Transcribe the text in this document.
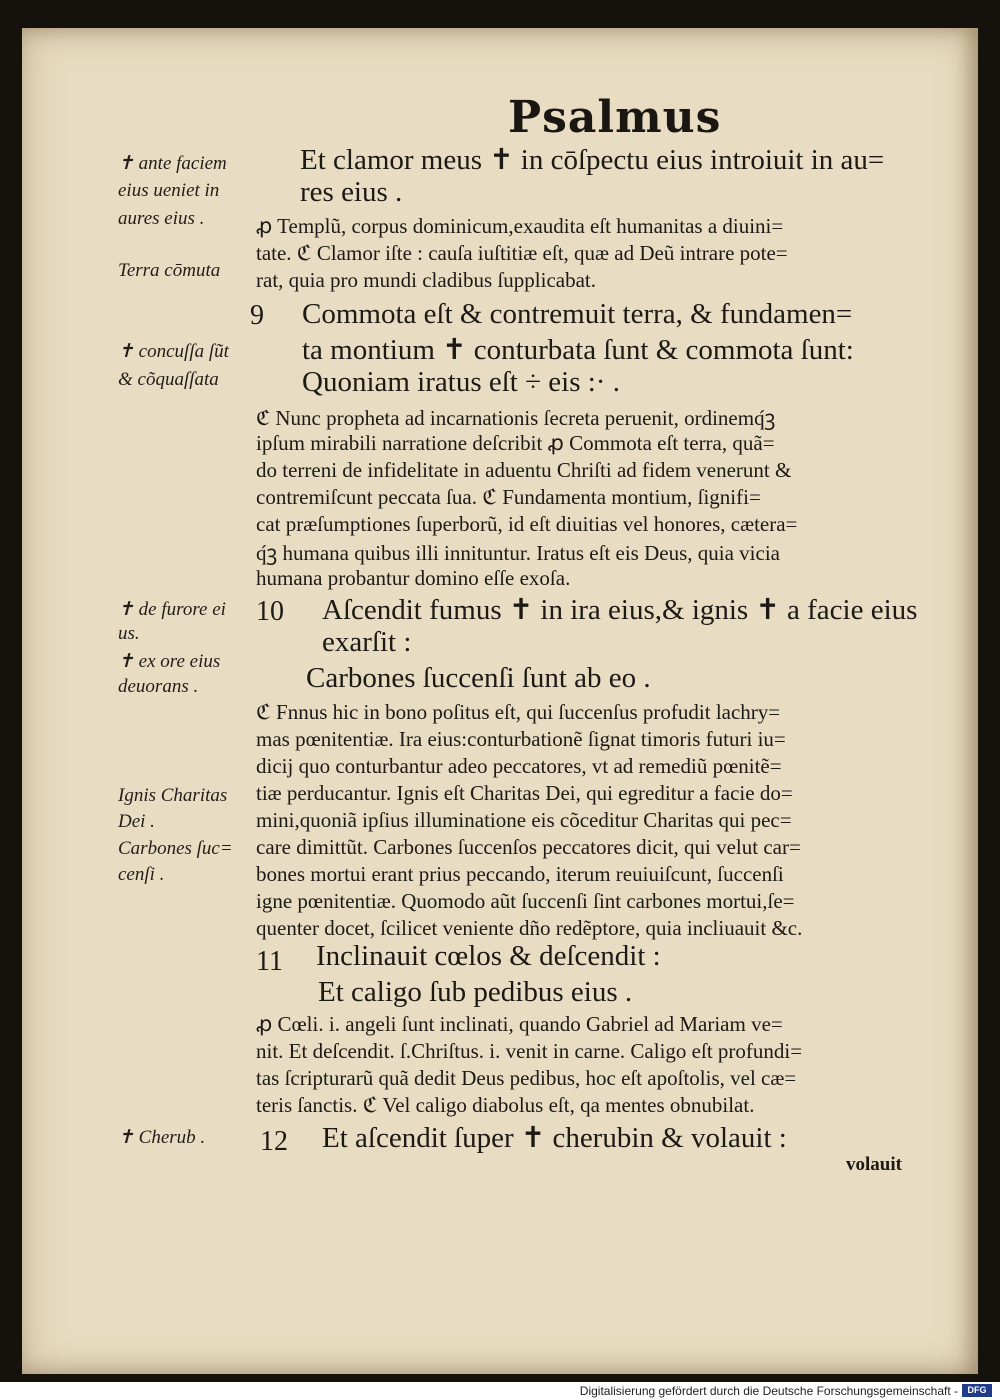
Psalmus
Et clamor meus ✝ in cōſpectu eius introiuit in au=
res eius .
ꝓ Templũ, corpus dominicum,exaudita eſt humanitas a diuini=
tate. ℭ Clamor iſte : cauſa iuſtitiæ eſt, quæ ad Deũ intrare pote=
rat, quia pro mundi cladibus ſupplicabat.
9 Commota eſt & contremuit terra, & fundamen=
ta montium ✝ conturbata ſunt & commota ſunt:
Quoniam iratus eſt ÷ eis :· .
ℭ Nunc propheta ad incarnationis ſecreta peruenit, ordinemq́ꝫ
ipſum mirabili narratione deſcribit ꝓ Commota eſt terra, quã=
do terreni de infidelitate in aduentu Chriſti ad fidem venerunt &
contremiſcunt peccata ſua. ℭ Fundamenta montium, ſignifi=
cat præſumptiones ſuperborũ, id eſt diuitias vel honores, cætera=
q́ꝫ humana quibus illi innituntur. Iratus eſt eis Deus, quia vicia
humana probantur domino eſſe exoſa.
10 Aſcendit fumus ✝ in ira eius,& ignis ✝ a facie eius
exarſit :
Carbones ſuccenſi ſunt ab eo .
ℭ Fnnus hic in bono poſitus eſt, qui ſuccenſus profudit lachry=
mas pœnitentiæ. Ira eius:conturbationẽ ſignat timoris futuri iu=
dicij quo conturbantur adeo peccatores, vt ad remediũ pœnitẽ=
tiæ perducantur. Ignis eſt Charitas Dei, qui egreditur a facie do=
mini,quoniã ipſius illuminatione eis cõceditur Charitas qui pec=
care dimittũt. Carbones ſuccenſos peccatores dicit, qui velut car=
bones mortui erant prius peccando, iterum reuiuiſcunt, ſuccenſi
igne pœnitentiæ. Quomodo aũt ſuccenſi ſint carbones mortui,ſe=
quenter docet, ſcilicet veniente dño redẽptore, quia incliuauit &c.
11 Inclinauit cœlos & deſcendit :
Et caligo ſub pedibus eius .
ꝓ Cœli. i. angeli ſunt inclinati, quando Gabriel ad Mariam ve=
nit. Et deſcendit. ſ.Chriſtus. i. venit in carne. Caligo eſt profundi=
tas ſcripturarũ quã dedit Deus pedibus, hoc eſt apoſtolis, vel cæ=
teris ſanctis. ℭ Vel caligo diabolus eſt, qa mentes obnubilat.
12 Et aſcendit ſuper ✝ cherubin & volauit :
✝ ante faciem
eius ueniet in
aures eius .
Terra cōmuta
✝ concuſſa ſũt
& cõquaſſata
✝ de furore ei
us.
✝ ex ore eius
deuorans .
Ignis Charitas
Dei .
Carbones ſuc=
cenſi .
✝ Cherub .
volauit
Digitalisierung gefördert durch die Deutsche Forschungsgemeinschaft -	DFG
